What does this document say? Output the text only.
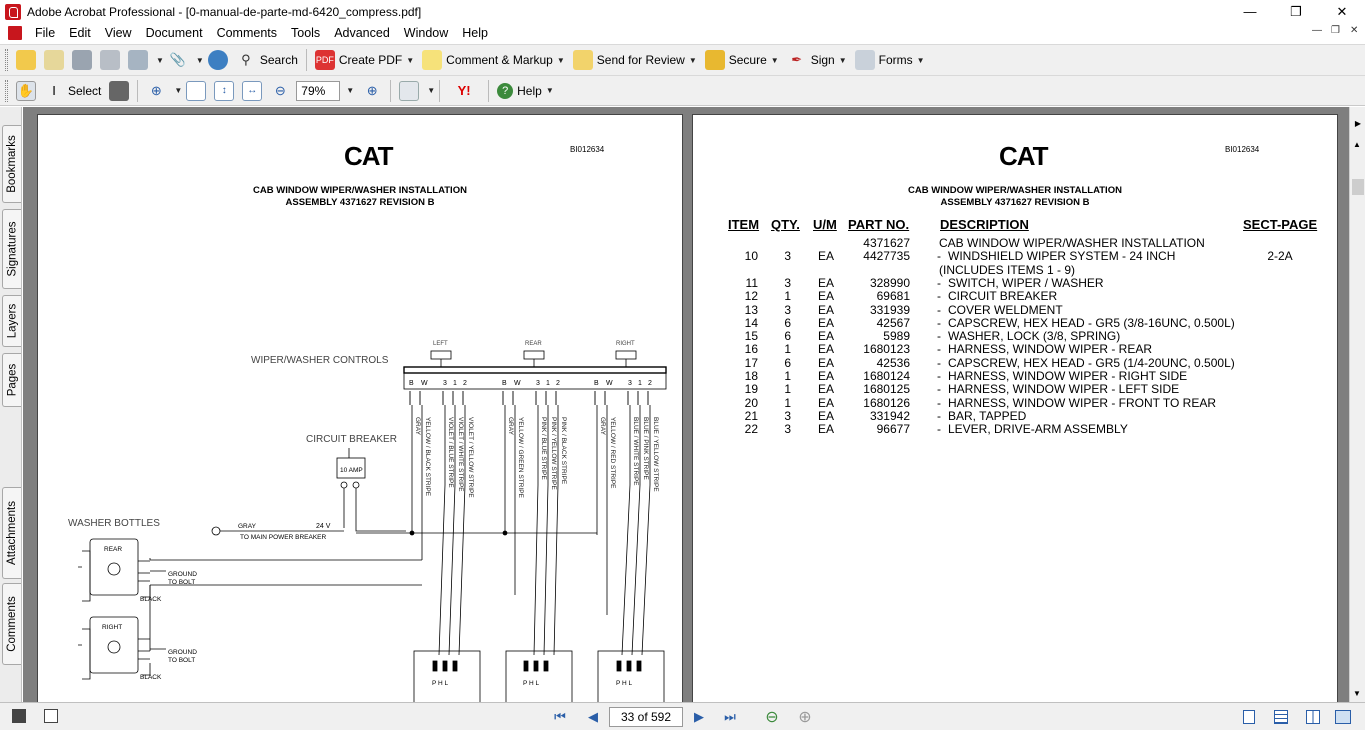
Adobe Acrobat Professional - [0-manual-de-parte-md-6420_compress.pdf]	—	❐	✕
File	Edit	View	Document	Comments	Tools	Advanced	Window	Help	— ❐ ✕
▼ 📎 ▼	⚲ Search PDF Create PDF ▼	Comment & Markup ▼	Send for Review ▼	Secure ▼ ✒ Sign ▼	Forms ▼
✋	I	Select	⊕	▼	↕	↔	⊖
79%	▼ ⊕	▼	Y!	? Help ▼
Bookmarks
Signatures
Layers
Pages
Attachments
Comments
BI012634
CAT
CAB WINDOW WIPER/WASHER INSTALLATION
ASSEMBLY 4371627 REVISION B
WIPER/WASHER CONTROLS
LEFT	REAR	RIGHT
B W 3 1 2	B W 3 1 2	B W 3 1 2
GRAY YELLOW / BLACK STRIPE VIOLET / BLUE STRIPE VIOLET / WHITE STRIPE VIOLET / YELLOW STRIPE	GRAY YELLOW / GREEN STRIPE PINK / BLUE STRIPE PINK / YELLOW STRIPE PINK / BLACK STRIPE	GRAY YELLOW / RED STRIPE BLUE / WHITE STRIPE BLUE / PINK STRIPE BLUE / YELLOW STRIPE
CIRCUIT BREAKER
10 AMP
GRAY
TO MAIN POWER BREAKER
24 V
WASHER BOTTLES
REAR
GROUND
TO BOLT
BLACK
RIGHT
GROUND
TO BOLT
BLACK
P H L	P H L	P H L
BI012634
CAT
CAB WINDOW WIPER/WASHER INSTALLATION
ASSEMBLY 4371627 REVISION B
ITEM QTY. U/M PART NO. DESCRIPTION	SECT-PAGE
4371627 CAB WINDOW WIPER/WASHER INSTALLATION
10	3	EA	4427735 - WINDSHIELD WIPER SYSTEM - 24 INCH	2-2A
(INCLUDES ITEMS 1 - 9)
11	3	EA	328990 - SWITCH, WIPER / WASHER
12	1	EA	69681 - CIRCUIT BREAKER
13	3	EA	331939 - COVER WELDMENT
14	6	EA	42567 - CAPSCREW, HEX HEAD - GR5 (3/8-16UNC, 0.500L)
15	6	EA	5989 - WASHER, LOCK (3/8, SPRING)
16	1	EA	1680123 - HARNESS, WINDOW WIPER - REAR
17	6	EA	42536 - CAPSCREW, HEX HEAD - GR5 (1/4-20UNC, 0.500L)
18	1	EA	1680124 - HARNESS, WINDOW WIPER - RIGHT SIDE
19	1	EA	1680125 - HARNESS, WINDOW WIPER - LEFT SIDE
20	1	EA	1680126 - HARNESS, WINDOW WIPER - FRONT TO REAR
21	3	EA	331942 - BAR, TAPPED
22	3	EA	96677 - LEVER, DRIVE-ARM ASSEMBLY
▶
▲
▼
⏮	◀	33 of 592	▶	⏭	⊖ ⊕
